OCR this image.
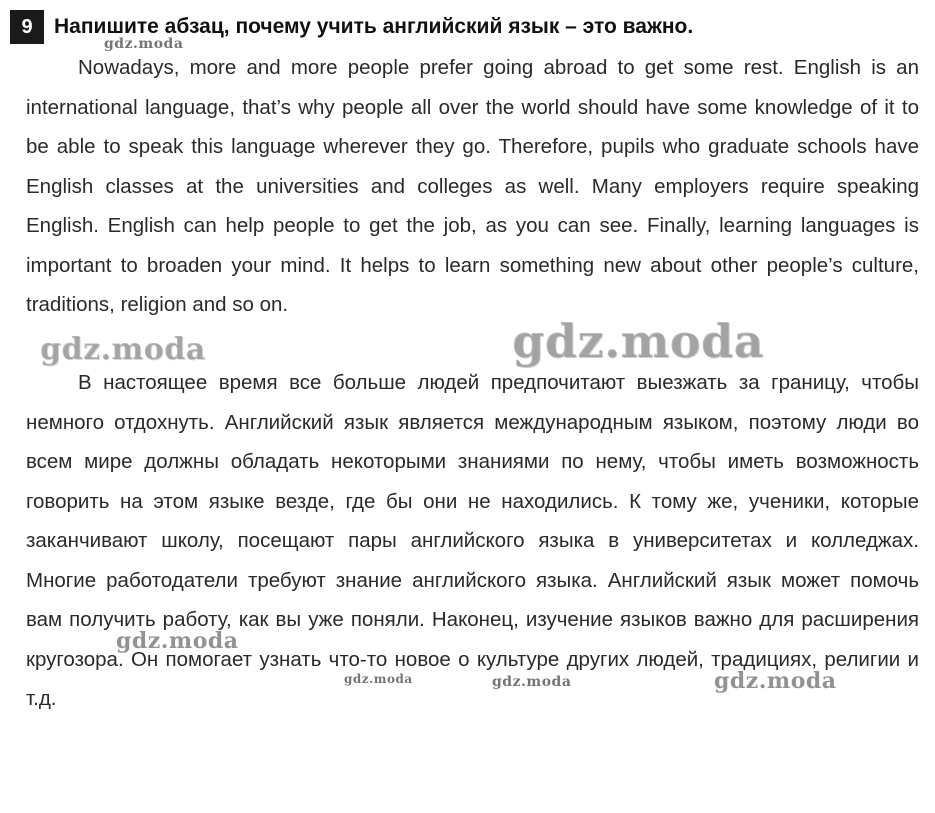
9	Напишите абзац, почему учить английский язык – это важно.

Nowadays, more and more people prefer going abroad to get some rest. English is an international language, that’s why people all over the world should have some knowledge of it to be able to speak this language wherever they go. Therefore, pupils who graduate schools have English classes at the universities and colleges as well. Many employers require speaking English. English can help people to get the job, as you can see. Finally, learning languages is important to broaden your mind. It helps to learn something new about other people’s culture, traditions, religion and so on.

В настоящее время все больше людей предпочитают выезжать за границу, чтобы немного отдохнуть. Английский язык является международным языком, поэтому люди во всем мире должны обладать некоторыми знаниями по нему, чтобы иметь возможность говорить на этом языке везде, где бы они не находились. К тому же, ученики, которые заканчивают школу, посещают пары английского языка в университетах и колледжах. Многие работодатели требуют знание английского языка. Английский язык может помочь вам получить работу, как вы уже поняли. Наконец, изучение языков важно для расширения кругозора. Он помогает узнать что-то новое о культуре других людей, традициях, религии и т.д.

gdz.moda
gdz.moda	gdz.moda
gdz.moda
gdz.moda	gdz.moda	gdz.moda
